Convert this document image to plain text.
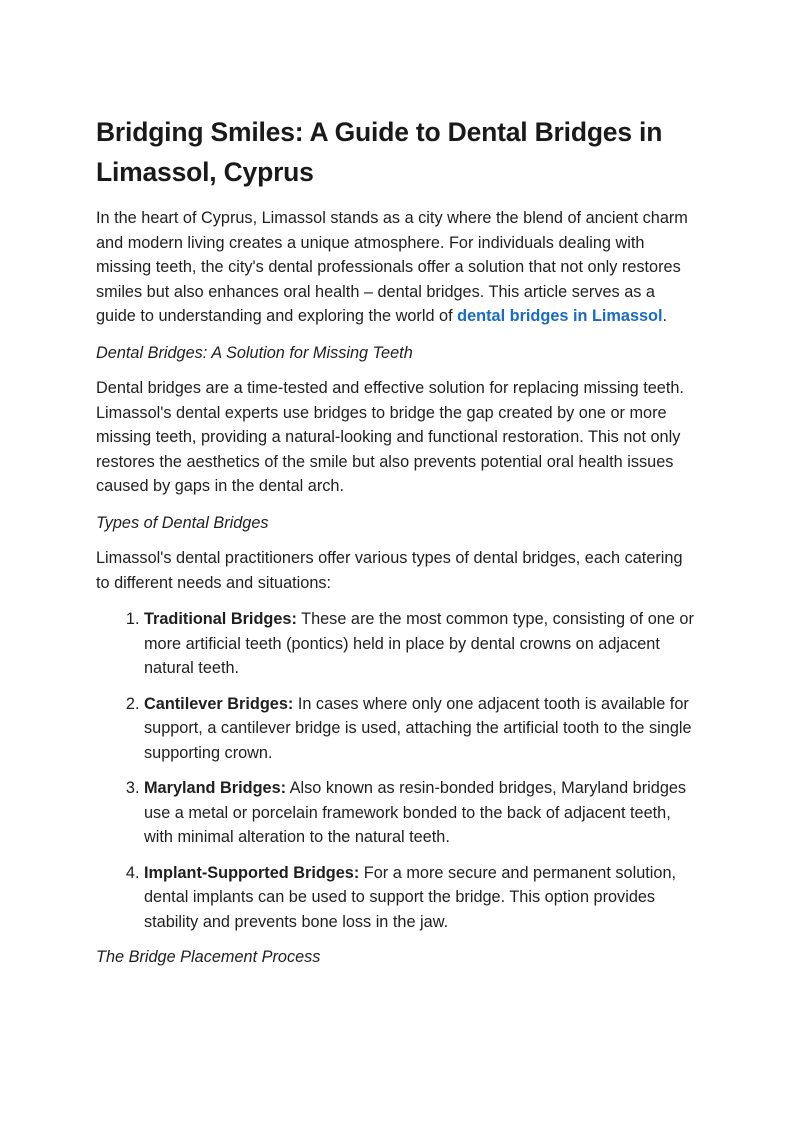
Bridging Smiles: A Guide to Dental Bridges in Limassol, Cyprus

In the heart of Cyprus, Limassol stands as a city where the blend of ancient charm and modern living creates a unique atmosphere. For individuals dealing with missing teeth, the city's dental professionals offer a solution that not only restores smiles but also enhances oral health – dental bridges. This article serves as a guide to understanding and exploring the world of dental bridges in Limassol.

Dental Bridges: A Solution for Missing Teeth

Dental bridges are a time-tested and effective solution for replacing missing teeth. Limassol's dental experts use bridges to bridge the gap created by one or more missing teeth, providing a natural-looking and functional restoration. This not only restores the aesthetics of the smile but also prevents potential oral health issues caused by gaps in the dental arch.

Types of Dental Bridges

Limassol's dental practitioners offer various types of dental bridges, each catering to different needs and situations:

1. Traditional Bridges: These are the most common type, consisting of one or more artificial teeth (pontics) held in place by dental crowns on adjacent natural teeth.
2. Cantilever Bridges: In cases where only one adjacent tooth is available for support, a cantilever bridge is used, attaching the artificial tooth to the single supporting crown.
3. Maryland Bridges: Also known as resin-bonded bridges, Maryland bridges use a metal or porcelain framework bonded to the back of adjacent teeth, with minimal alteration to the natural teeth.
4. Implant-Supported Bridges: For a more secure and permanent solution, dental implants can be used to support the bridge. This option provides stability and prevents bone loss in the jaw.

The Bridge Placement Process
